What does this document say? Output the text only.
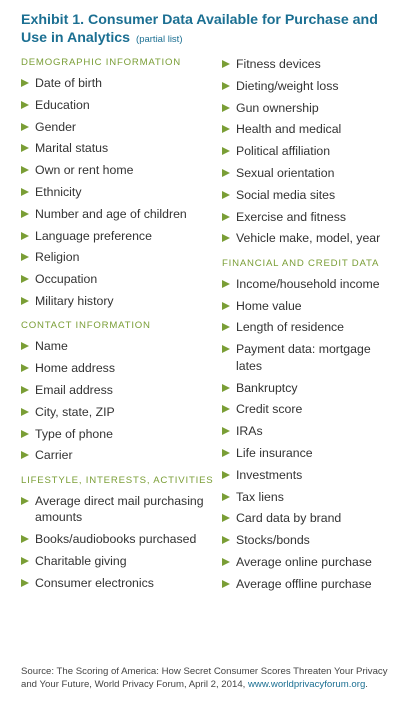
Exhibit 1. Consumer Data Available for Purchase and Use in Analytics (partial list)
DEMOGRAPHIC INFORMATION
Date of birth
Education
Gender
Marital status
Own or rent home
Ethnicity
Number and age of children
Language preference
Religion
Occupation
Military history
CONTACT INFORMATION
Name
Home address
Email address
City, state, ZIP
Type of phone
Carrier
LIFESTYLE, INTERESTS, ACTIVITIES
Average direct mail purchasing amounts
Books/audiobooks purchased
Charitable giving
Consumer electronics
Fitness devices
Dieting/weight loss
Gun ownership
Health and medical
Political affiliation
Sexual orientation
Social media sites
Exercise and fitness
Vehicle make, model, year
FINANCIAL AND CREDIT DATA
Income/household income
Home value
Length of residence
Payment data: mortgage lates
Bankruptcy
Credit score
IRAs
Life insurance
Investments
Tax liens
Card data by brand
Stocks/bonds
Average online purchase
Average offline purchase
Source: The Scoring of America: How Secret Consumer Scores Threaten Your Privacy and Your Future, World Privacy Forum, April 2, 2014, www.worldprivacyforum.org.
